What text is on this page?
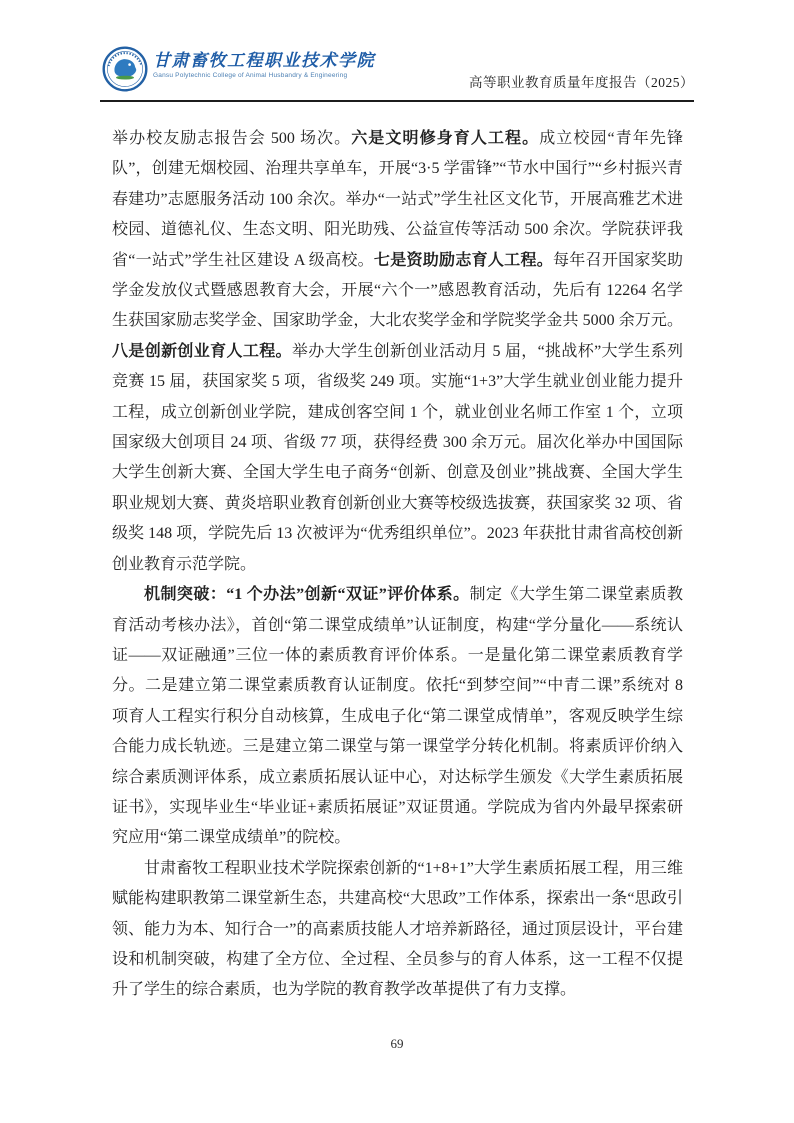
甘肃畜牧工程职业技术学院
Gansu Polytechnic College of Animal Husbandry & Engineering	高等职业教育质量年度报告（2025）

举办校友励志报告会 500 场次。六是文明修身育人工程。成立校园“青年先锋队”，创建无烟校园、治理共享单车，开展“3·5 学雷锋”“节水中国行”“乡村振兴青春建功”志愿服务活动 100 余次。举办“一站式”学生社区文化节，开展高雅艺术进校园、道德礼仪、生态文明、阳光助残、公益宣传等活动 500 余次。学院获评我省“一站式”学生社区建设 A 级高校。七是资助励志育人工程。每年召开国家奖助学金发放仪式暨感恩教育大会，开展“六个一”感恩教育活动，先后有 12264 名学生获国家励志奖学金、国家助学金，大北农奖学金和学院奖学金共 5000 余万元。八是创新创业育人工程。举办大学生创新创业活动月 5 届，“挑战杯”大学生系列竞赛 15 届，获国家奖 5 项，省级奖 249 项。实施“1+3”大学生就业创业能力提升工程，成立创新创业学院，建成创客空间 1 个，就业创业名师工作室 1 个，立项国家级大创项目 24 项、省级 77 项，获得经费 300 余万元。届次化举办中国国际大学生创新大赛、全国大学生电子商务“创新、创意及创业”挑战赛、全国大学生职业规划大赛、黄炎培职业教育创新创业大赛等校级选拔赛，获国家奖 32 项、省级奖 148 项，学院先后 13 次被评为“优秀组织单位”。2023 年获批甘肃省高校创新创业教育示范学院。

机制突破：“1 个办法”创新“双证”评价体系。制定《大学生第二课堂素质教育活动考核办法》，首创“第二课堂成绩单”认证制度，构建“学分量化——系统认证——双证融通”三位一体的素质教育评价体系。一是量化第二课堂素质教育学分。二是建立第二课堂素质教育认证制度。依托“到梦空间”“中青二课”系统对 8 项育人工程实行积分自动核算，生成电子化“第二课堂成情单”，客观反映学生综合能力成长轨迹。三是建立第二课堂与第一课堂学分转化机制。将素质评价纳入综合素质测评体系，成立素质拓展认证中心，对达标学生颁发《大学生素质拓展证书》，实现毕业生“毕业证+素质拓展证”双证贯通。学院成为省内外最早探索研究应用“第二课堂成绩单”的院校。

甘肃畜牧工程职业技术学院探索创新的“1+8+1”大学生素质拓展工程，用三维赋能构建职教第二课堂新生态，共建高校“大思政”工作体系，探索出一条“思政引领、能力为本、知行合一”的高素质技能人才培养新路径，通过顶层设计，平台建设和机制突破，构建了全方位、全过程、全员参与的育人体系，这一工程不仅提升了学生的综合素质，也为学院的教育教学改革提供了有力支撑。

69
